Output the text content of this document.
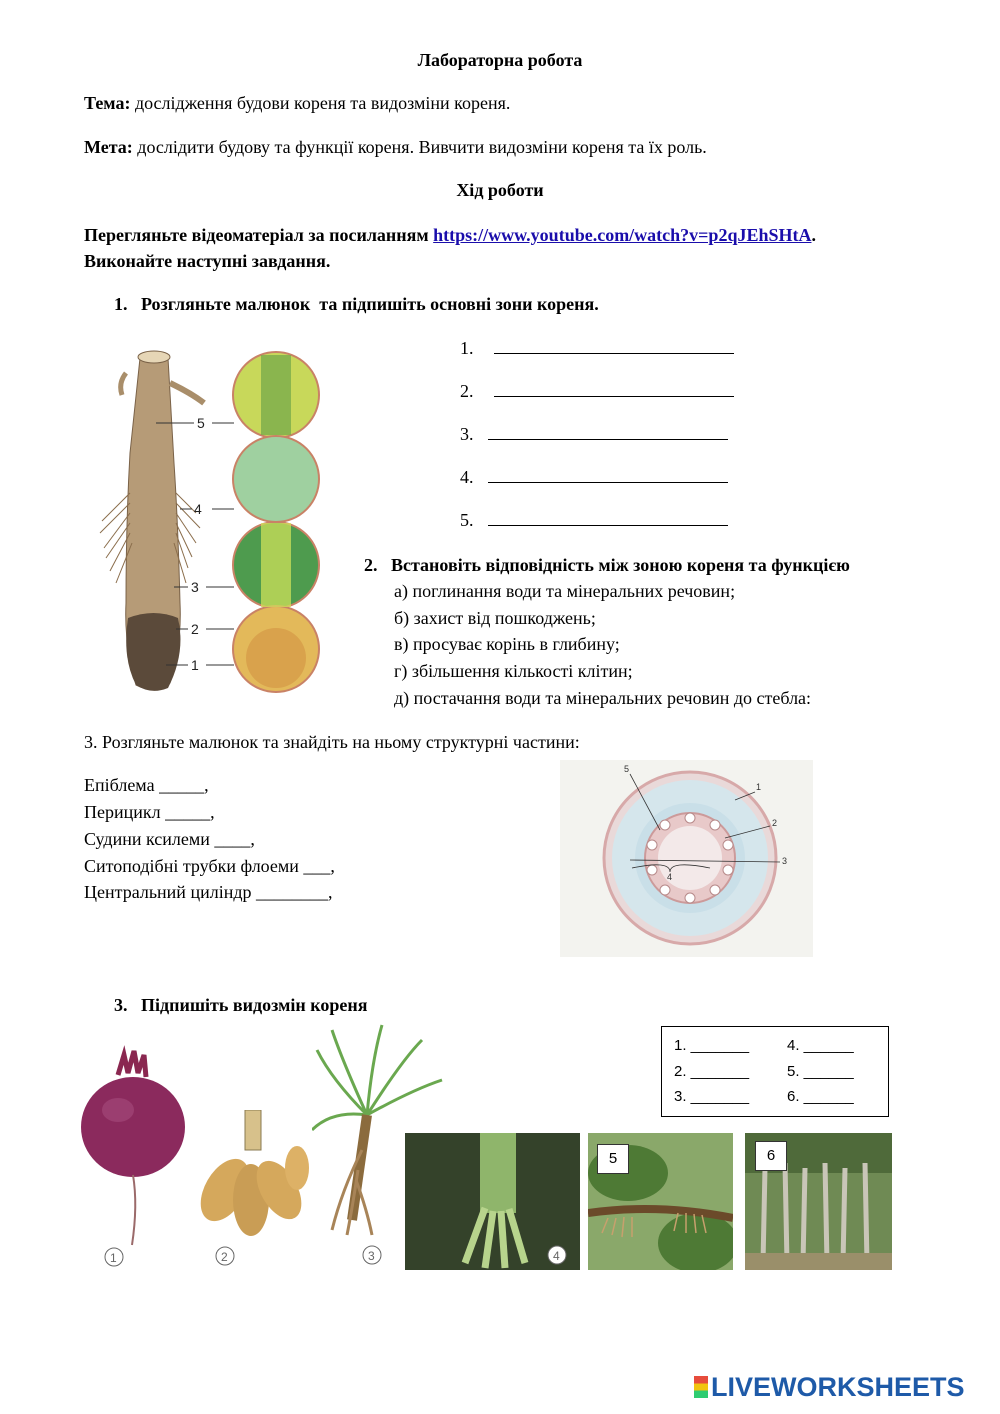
Лабораторна робота
Тема: дослідження будови кореня та видозміни кореня.
Мета: дослідити будову та функції кореня. Вивчити видозміни кореня та їх роль.
Хід роботи
Перегляньте відеоматеріал за посиланням https://www.youtube.com/watch?v=p2qJEhSHtA.
Виконайте наступні завдання.
1.   Розгляньте малюнок  та підпишіть основні зони кореня.
5
4
3
2
1
1.
2.
3.
4.
5.
2.   Встановіть відповідність між зоною кореня та функцією
а) поглинання води та мінеральних речовин;
б) захист від пошкоджень;
в) просуває корінь в глибину;
г) збільшення кількості клітин;
д) постачання води та мінеральних речовин до стебла:
3. Розгляньте малюнок та знайдіть на ньому структурні частини:
Епіблема _____,
Перицикл _____,
Судини ксилеми ____,
Ситоподібні трубки флоеми ___,
Центральний циліндр ________,
5
1
2
3
4
3.   Підпишіть видозмін кореня
1. _______	4. ______
2. _______	5. ______
3. _______	6. ______
1	2	3	4
5	6
LIVEWORKSHEETS
